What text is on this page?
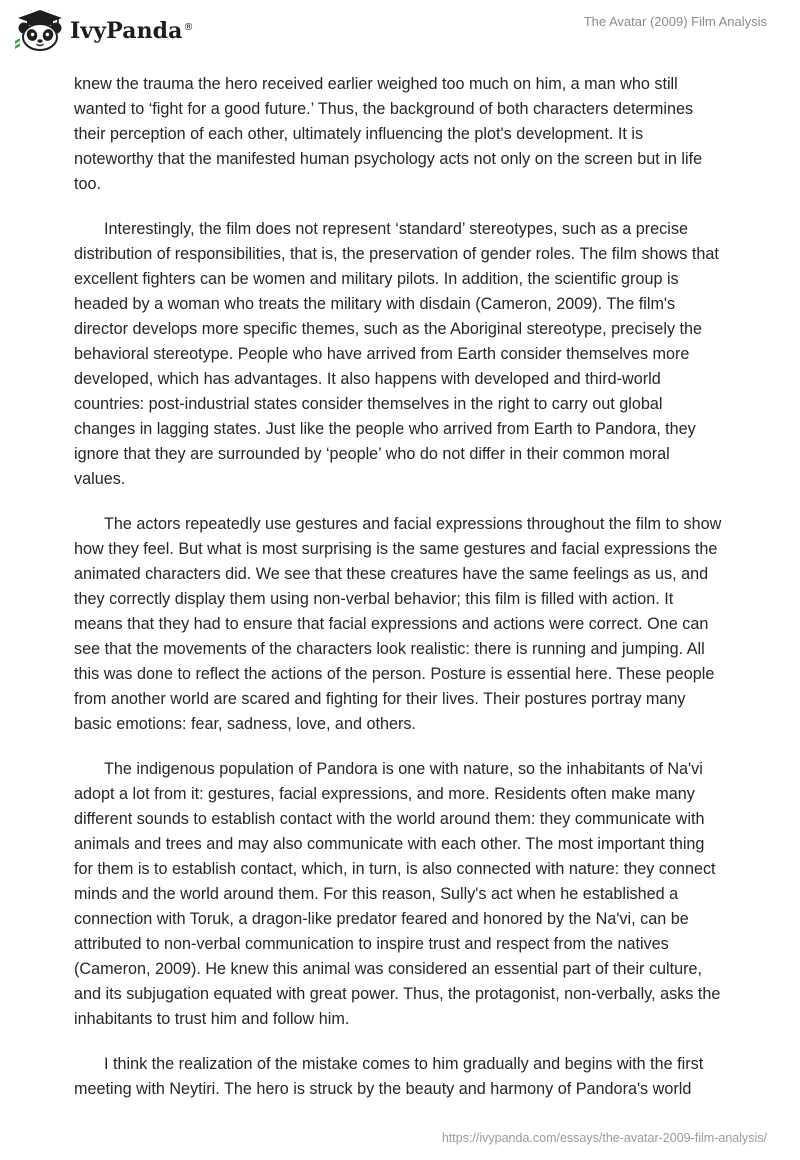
IvyPanda®	The Avatar (2009) Film Analysis

knew the trauma the hero received earlier weighed too much on him, a man who still wanted to ‘fight for a good future.’ Thus, the background of both characters determines their perception of each other, ultimately influencing the plot's development. It is noteworthy that the manifested human psychology acts not only on the screen but in life too.

Interestingly, the film does not represent ‘standard’ stereotypes, such as a precise distribution of responsibilities, that is, the preservation of gender roles. The film shows that excellent fighters can be women and military pilots. In addition, the scientific group is headed by a woman who treats the military with disdain (Cameron, 2009). The film's director develops more specific themes, such as the Aboriginal stereotype, precisely the behavioral stereotype. People who have arrived from Earth consider themselves more developed, which has advantages. It also happens with developed and third-world countries: post-industrial states consider themselves in the right to carry out global changes in lagging states. Just like the people who arrived from Earth to Pandora, they ignore that they are surrounded by ‘people’ who do not differ in their common moral values.

The actors repeatedly use gestures and facial expressions throughout the film to show how they feel. But what is most surprising is the same gestures and facial expressions the animated characters did. We see that these creatures have the same feelings as us, and they correctly display them using non-verbal behavior; this film is filled with action. It means that they had to ensure that facial expressions and actions were correct. One can see that the movements of the characters look realistic: there is running and jumping. All this was done to reflect the actions of the person. Posture is essential here. These people from another world are scared and fighting for their lives. Their postures portray many basic emotions: fear, sadness, love, and others.

The indigenous population of Pandora is one with nature, so the inhabitants of Na'vi adopt a lot from it: gestures, facial expressions, and more. Residents often make many different sounds to establish contact with the world around them: they communicate with animals and trees and may also communicate with each other. The most important thing for them is to establish contact, which, in turn, is also connected with nature: they connect minds and the world around them. For this reason, Sully's act when he established a connection with Toruk, a dragon-like predator feared and honored by the Na'vi, can be attributed to non-verbal communication to inspire trust and respect from the natives (Cameron, 2009). He knew this animal was considered an essential part of their culture, and its subjugation equated with great power. Thus, the protagonist, non-verbally, asks the inhabitants to trust him and follow him.

I think the realization of the mistake comes to him gradually and begins with the first meeting with Neytiri. The hero is struck by the beauty and harmony of Pandora's world

https://ivypanda.com/essays/the-avatar-2009-film-analysis/
